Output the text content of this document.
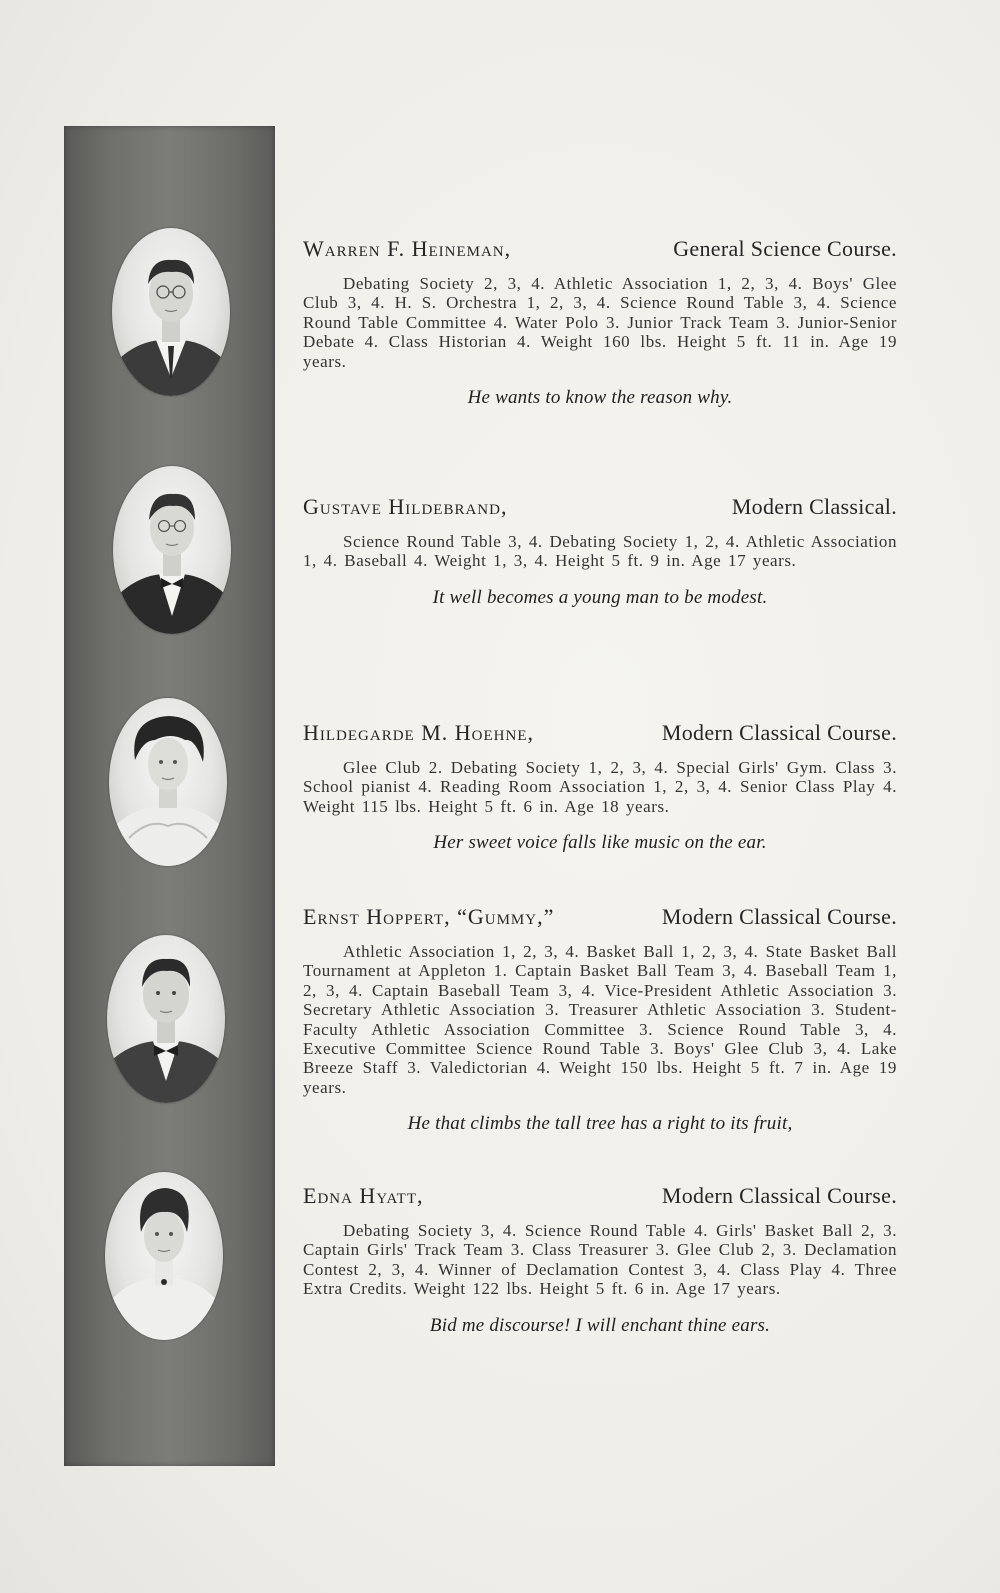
Warren F. Heineman,	General Science Course.
Debating Society 2, 3, 4. Athletic Association 1, 2, 3, 4. Boys' Glee Club 3, 4. H. S. Orchestra 1, 2, 3, 4. Science Round Table 3, 4. Science Round Table Committee 4. Water Polo 3. Junior Track Team 3. Junior-Senior Debate 4. Class Historian 4. Weight 160 lbs. Height 5 ft. 11 in. Age 19 years.
He wants to know the reason why.
Gustave Hildebrand,	Modern Classical.
Science Round Table 3, 4. Debating Society 1, 2, 4. Athletic Association 1, 4. Baseball 4. Weight 1, 3, 4. Height 5 ft. 9 in. Age 17 years.
It well becomes a young man to be modest.
Hildegarde M. Hoehne,	Modern Classical Course.
Glee Club 2. Debating Society 1, 2, 3, 4. Special Girls' Gym. Class 3. School pianist 4. Reading Room Association 1, 2, 3, 4. Senior Class Play 4. Weight 115 lbs. Height 5 ft. 6 in. Age 18 years.
Her sweet voice falls like music on the ear.
Ernst Hoppert, “Gummy,”	Modern Classical Course.
Athletic Association 1, 2, 3, 4. Basket Ball 1, 2, 3, 4. State Basket Ball Tournament at Appleton 1. Captain Basket Ball Team 3, 4. Baseball Team 1, 2, 3, 4. Captain Baseball Team 3, 4. Vice-President Athletic Association 3. Secretary Athletic Association 3. Treasurer Athletic Association 3. Student-Faculty Athletic Association Committee 3. Science Round Table 3, 4. Executive Committee Science Round Table 3. Boys' Glee Club 3, 4. Lake Breeze Staff 3. Valedictorian 4. Weight 150 lbs. Height 5 ft. 7 in. Age 19 years.
He that climbs the tall tree has a right to its fruit,
Edna Hyatt,	Modern Classical Course.
Debating Society 3, 4. Science Round Table 4. Girls' Basket Ball 2, 3. Captain Girls' Track Team 3. Class Treasurer 3. Glee Club 2, 3. Declamation Contest 2, 3, 4. Winner of Declamation Contest 3, 4. Class Play 4. Three Extra Credits. Weight 122 lbs. Height 5 ft. 6 in. Age 17 years.
Bid me discourse! I will enchant thine ears.
